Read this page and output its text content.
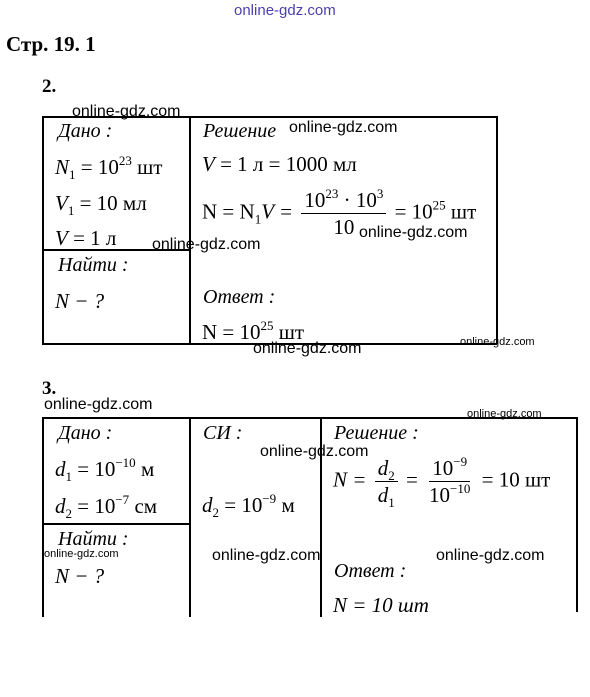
online-gdz.com
Стр. 19. 1
2.
Дано :
$N_1 = 10^{23}$ шт
$V_1 = 10$ мл
V = 1 л
Найти :
N − ?
Решение
V = 1 л = 1000 мл
$N = N_1V = \frac{10^{23} \cdot 10^3}{10} = 10^{25}$ шт
Ответ :
$N = 10^{25}$ шт
3.
Дано :
$d_1 = 10^{-10}$ м
$d_2 = 10^{-7}$ см
Найти :
N − ?
СИ :
$d_2 = 10^{-9}$ м
Решение :
$N = \frac{d_2}{d_1} = \frac{10^{-9}}{10^{-10}} = 10$ шт
Ответ :
N = 10 шт
online-gdz.com
online-gdz.com
online-gdz.com
online-gdz.com
online-gdz.com	online-gdz.com
online-gdz.com
online-gdz.com
online-gdz.com
online-gdz.com	online-gdz.com	online-gdz.com
